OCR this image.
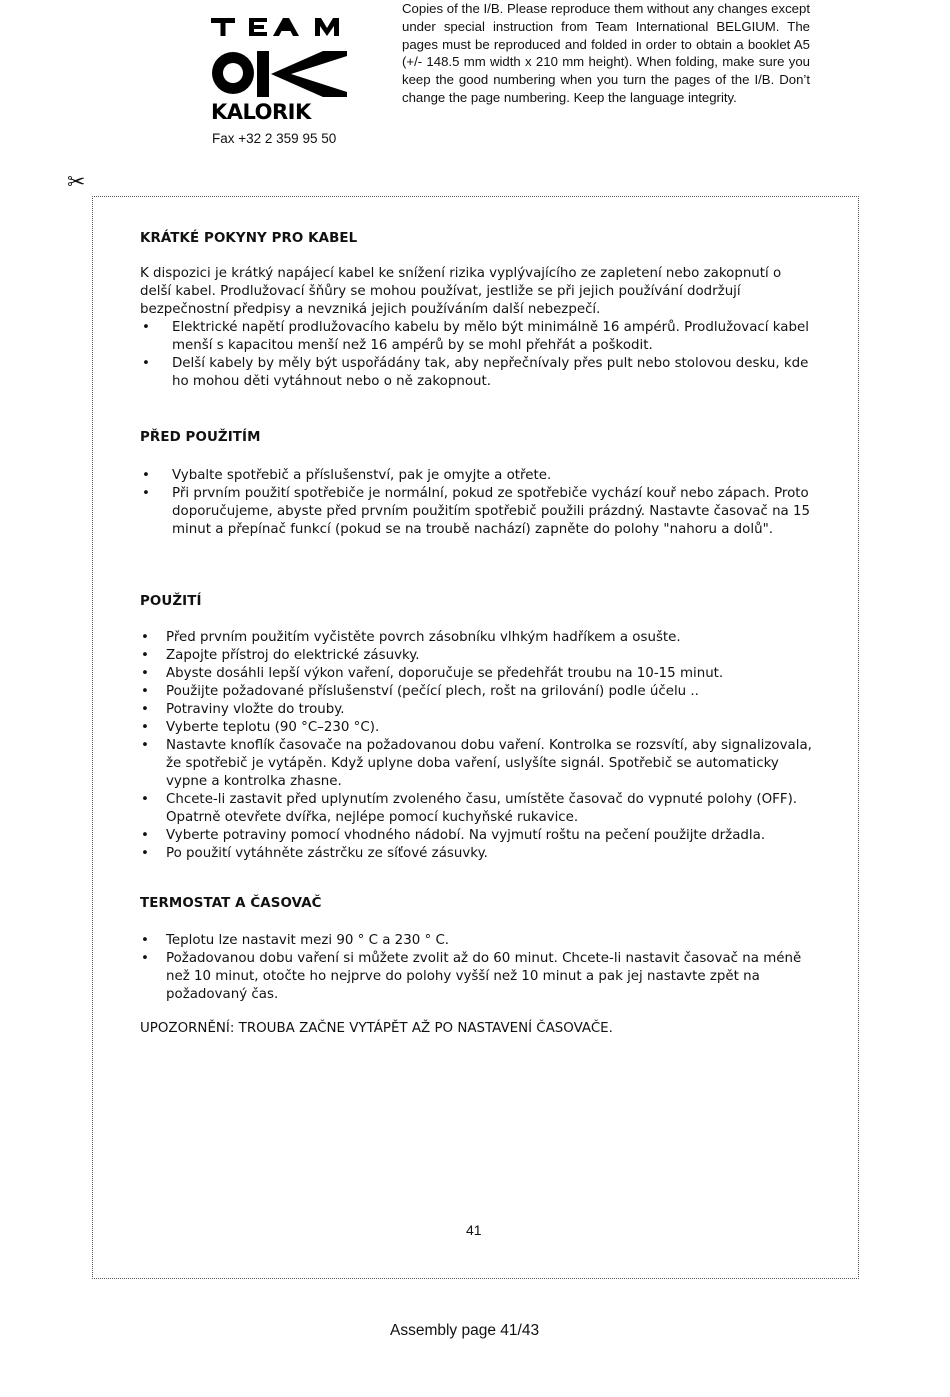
KALORIK
Fax +32 2 359 95 50
Copies of the I/B. Please reproduce them without any changes except under special instruction from Team International BELGIUM. The pages must be reproduced and folded in order to obtain a booklet A5 (+/- 148.5 mm width x 210 mm height). When folding, make sure you keep the good numbering when you turn the pages of the I/B. Don’t change the page numbering. Keep the language integrity.
✂
KRÁTKÉ POKYNY PRO KABEL

K dispozici je krátký napájecí kabel ke snížení rizika vyplývajícího ze zapletení nebo zakopnutí o delší kabel. Prodlužovací šňůry se mohou používat, jestliže se při jejich používání dodržují bezpečnostní předpisy a nevzniká jejich používáním další nebezpečí.

• Elektrické napětí prodlužovacího kabelu by mělo být minimálně 16 ampérů. Prodlužovací kabel menší s kapacitou menší než 16 ampérů by se mohl přehřát a poškodit.
• Delší kabely by měly být uspořádány tak, aby nepřečnívaly přes pult nebo stolovou desku, kde ho mohou děti vytáhnout nebo o ně zakopnout.
PŘED POUŽITÍM
• Vybalte spotřebič a příslušenství, pak je omyjte a otřete.
• Při prvním použití spotřebiče je normální, pokud ze spotřebiče vychází kouř nebo zápach. Proto doporučujeme, abyste před prvním použitím spotřebič použili prázdný. Nastavte časovač na 15 minut a přepínač funkcí (pokud se na troubě nachází) zapněte do polohy "nahoru a dolů".
POUŽITÍ
• Před prvním použitím vyčistěte povrch zásobníku vlhkým hadříkem a osušte.
• Zapojte přístroj do elektrické zásuvky.
• Abyste dosáhli lepší výkon vaření, doporučuje se předehřát troubu na 10-15 minut.
• Použijte požadované příslušenství (pečící plech, rošt na grilování) podle účelu ..
• Potraviny vložte do trouby.
• Vyberte teplotu (90 °C–230 °C).
• Nastavte knoflík časovače na požadovanou dobu vaření. Kontrolka se rozsvítí, aby signalizovala, že spotřebič je vytápěn. Když uplyne doba vaření, uslyšíte signál. Spotřebič se automaticky vypne a kontrolka zhasne.
• Chcete-li zastavit před uplynutím zvoleného času, umístěte časovač do vypnuté polohy (OFF). Opatrně otevřete dvířka, nejlépe pomocí kuchyňské rukavice.
• Vyberte potraviny pomocí vhodného nádobí. Na vyjmutí roštu na pečení použijte držadla.
• Po použití vytáhněte zástrčku ze síťové zásuvky.
TERMOSTAT A ČASOVAČ
• Teplotu lze nastavit mezi 90 ° C a 230 ° C.
• Požadovanou dobu vaření si můžete zvolit až do 60 minut. Chcete-li nastavit časovač na méně než 10 minut, otočte ho nejprve do polohy vyšší než 10 minut a pak jej nastavte zpět na požadovaný čas.
UPOZORNĚNÍ: TROUBA ZAČNE VYTÁPĚT AŽ PO NASTAVENÍ ČASOVAČE.
41
Assembly page 41/43
